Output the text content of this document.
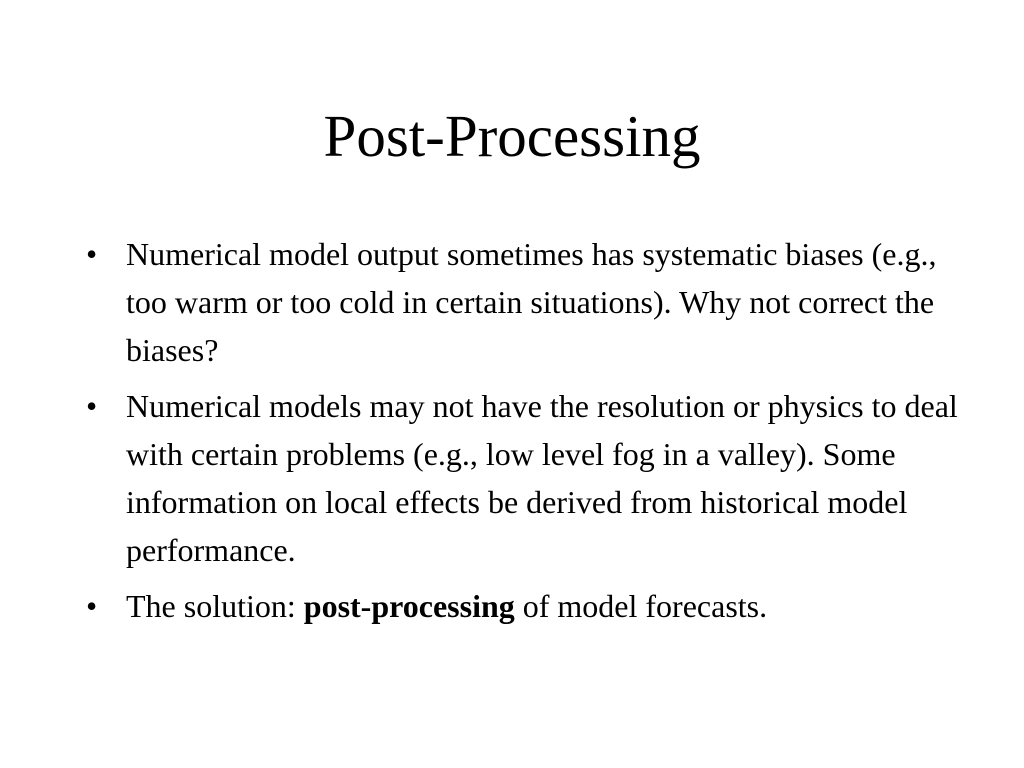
Post-Processing
• Numerical model output sometimes has systematic biases (e.g., too warm or too cold in certain situations). Why not correct the biases?
• Numerical models may not have the resolution or physics to deal with certain problems (e.g., low level fog in a valley). Some information on local effects be derived from historical model performance.
• The solution: post-processing of model forecasts.
